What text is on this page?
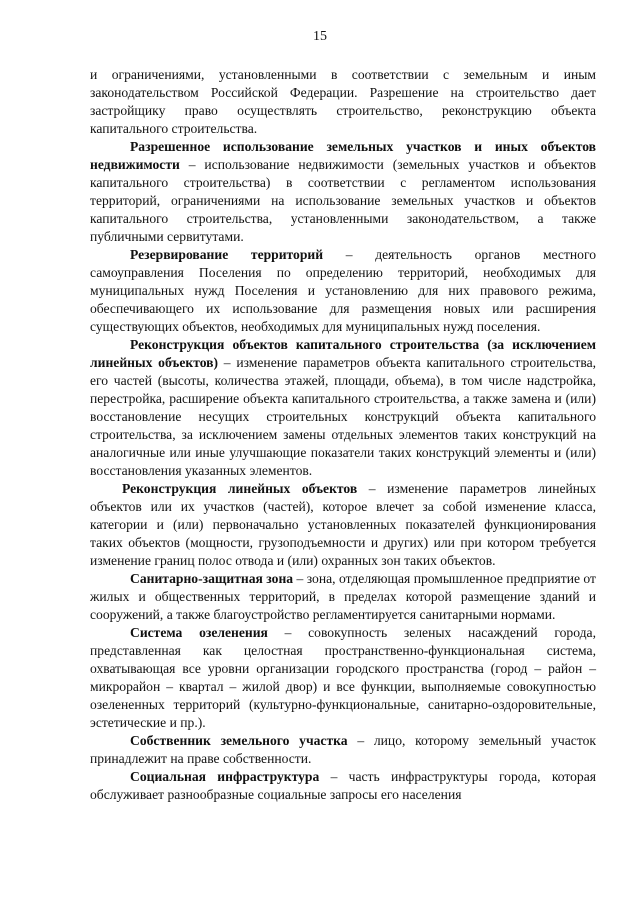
15

и ограничениями, установленными в соответствии с земельным и иным законодательством Российской Федерации. Разрешение на строительство дает застройщику право осуществлять строительство, реконструкцию объекта капитального строительства.

Разрешенное использование земельных участков и иных объектов недвижимости – использование недвижимости (земельных участков и объектов капитального строительства) в соответствии с регламентом использования территорий, ограничениями на использование земельных участков и объектов капитального строительства, установленными законодательством, а также публичными сервитутами.

Резервирование территорий – деятельность органов местного самоуправления Поселения по определению территорий, необходимых для муниципальных нужд Поселения и установлению для них правового режима, обеспечивающего их использование для размещения новых или расширения существующих объектов, необходимых для муниципальных нужд поселения.

Реконструкция объектов капитального строительства (за исключением линейных объектов) – изменение параметров объекта капитального строительства, его частей (высоты, количества этажей, площади, объема), в том числе надстройка, перестройка, расширение объекта капитального строительства, а также замена и (или) восстановление несущих строительных конструкций объекта капитального строительства, за исключением замены отдельных элементов таких конструкций на аналогичные или иные улучшающие показатели таких конструкций элементы и (или) восстановления указанных элементов.

Реконструкция линейных объектов – изменение параметров линейных объектов или их участков (частей), которое влечет за собой изменение класса, категории и (или) первоначально установленных показателей функционирования таких объектов (мощности, грузоподъемности и других) или при котором требуется изменение границ полос отвода и (или) охранных зон таких объектов.

Санитарно-защитная зона – зона, отделяющая промышленное предприятие от жилых и общественных территорий, в пределах которой размещение зданий и сооружений, а также благоустройство регламентируется санитарными нормами.

Система озеленения – совокупность зеленых насаждений города, представленная как целостная пространственно-функциональная система, охватывающая все уровни организации городского пространства (город – район – микрорайон – квартал – жилой двор) и все функции, выполняемые совокупностью озелененных территорий (культурно-функциональные, санитарно-оздоровительные, эстетические и пр.).

Собственник земельного участка – лицо, которому земельный участок принадлежит на праве собственности.

Социальная инфраструктура – часть инфраструктуры города, которая обслуживает разнообразные социальные запросы его населения
